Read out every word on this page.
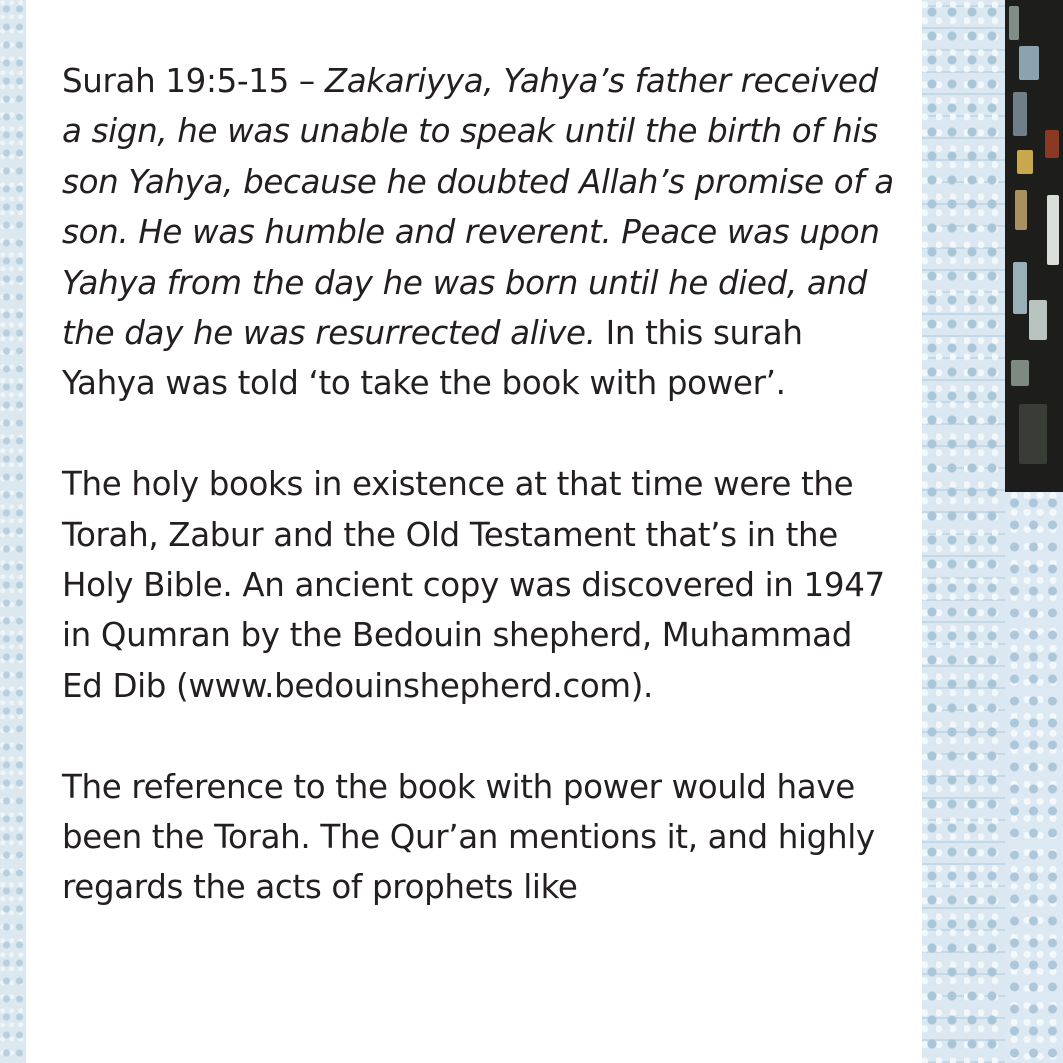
Surah 19:5-15 – Zakariyya, Yahya’s father received a sign, he was unable to speak until the birth of his son Yahya, because he doubted Allah’s promise of a son. He was humble and reverent. Peace was upon Yahya from the day he was born until he died, and the day he was resurrected alive. In this surah Yahya was told ‘to take the book with power’.

The holy books in existence at that time were the Torah, Zabur and the Old Testament that’s in the Holy Bible. An ancient copy was discovered in 1947 in Qumran by the Bedouin shepherd, Muhammad Ed Dib (www.bedouinshepherd.com).

The reference to the book with power would have been the Torah. The Qur’an mentions it, and highly regards the acts of prophets like
